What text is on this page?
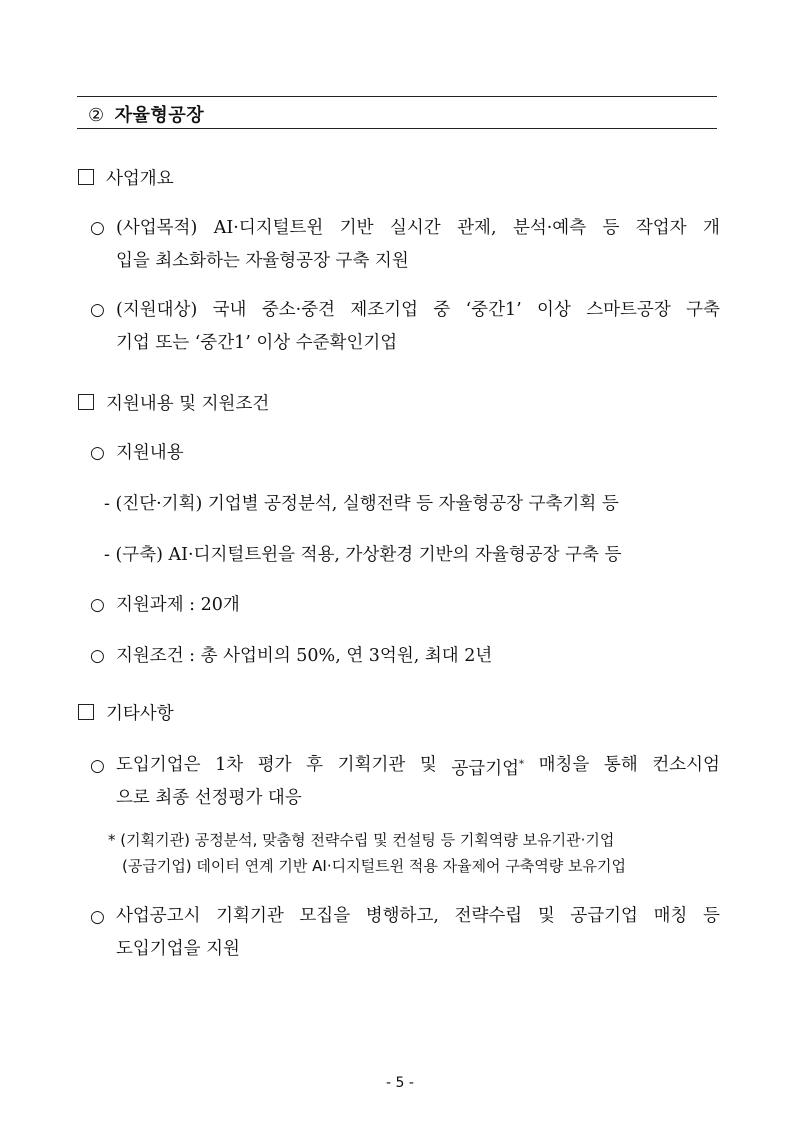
② 자율형공장
사업개요
○ (사업목적) AI·디지털트윈 기반 실시간 관제, 분석·예측 등 작업자 개
입을 최소화하는 자율형공장 구축 지원
○ (지원대상) 국내 중소·중견 제조기업 중 ‘중간1’ 이상 스마트공장 구축
기업 또는 ‘중간1’ 이상 수준확인기업
지원내용 및 지원조건
○ 지원내용
- (진단·기획) 기업별 공정분석, 실행전략 등 자율형공장 구축기획 등
- (구축) AI·디지털트윈을 적용, 가상환경 기반의 자율형공장 구축 등
○ 지원과제 : 20개
○ 지원조건 : 총 사업비의 50%, 연 3억원, 최대 2년
기타사항
○ 도입기업은 1차 평가 후 기획기관 및 공급기업* 매칭을 통해 컨소시엄
으로 최종 선정평가 대응
* (기획기관) 공정분석, 맞춤형 전략수립 및 컨설팅 등 기획역량 보유기관·기업
(공급기업) 데이터 연계 기반 AI·디지털트윈 적용 자율제어 구축역량 보유기업
○ 사업공고시 기획기관 모집을 병행하고, 전략수립 및 공급기업 매칭 등
도입기업을 지원
- 5 -
